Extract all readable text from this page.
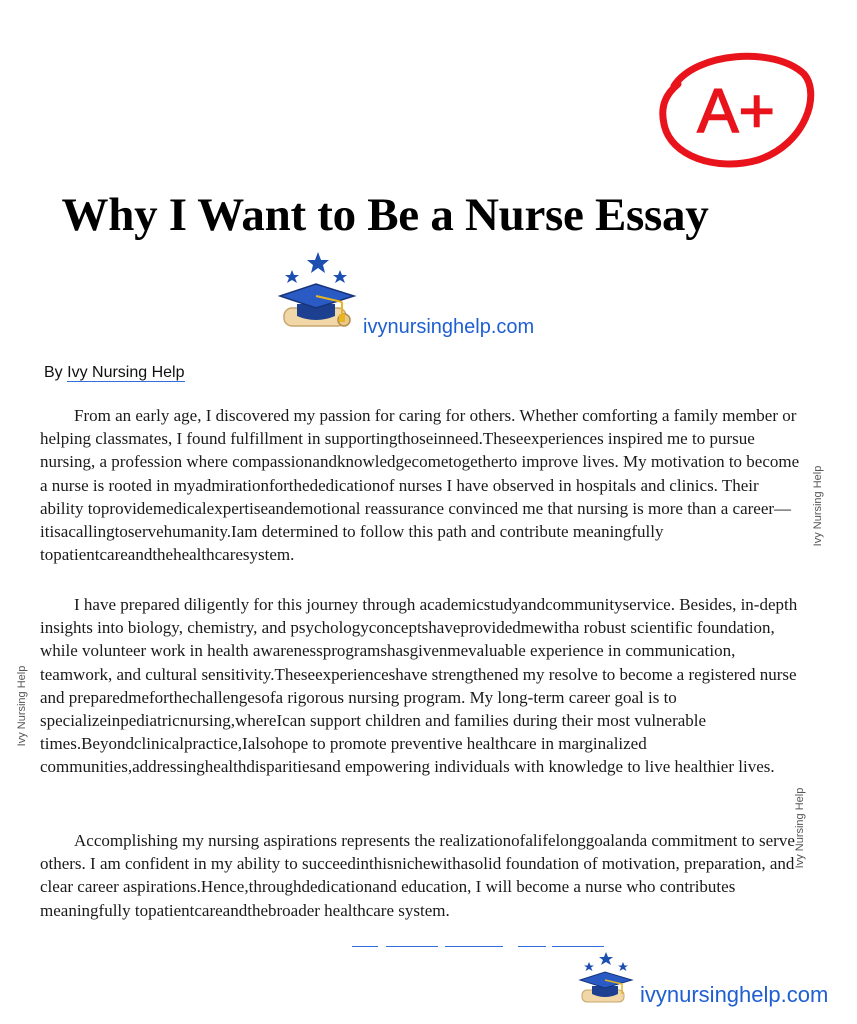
A+
Why I Want to Be a Nurse Essay
ivynursinghelp.com
By Ivy Nursing Help

From an early age, I discovered my passion for caring for others. Whether comforting a family member or helping classmates, I found fulfillment in supportingthoseinneed.Theseexperiences inspired me to pursue nursing, a profession where compassionandknowledgecometogetherto improve lives. My motivation to become a nurse is rooted in myadmirationforthededicationof nurses I have observed in hospitals and clinics. Their ability toprovidemedicalexpertiseandemotional reassurance convinced me that nursing is more than a career—itisacallingtoservehumanity.Iam determined to follow this path and contribute meaningfully topatientcareandthehealthcaresystem.

I have prepared diligently for this journey through academicstudyandcommunityservice. Besides, in-depth insights into biology, chemistry, and psychologyconceptshaveprovidedmewitha robust scientific foundation, while volunteer work in health awarenessprogramshasgivenmevaluable experience in communication, teamwork, and cultural sensitivity.Theseexperienceshave strengthened my resolve to become a registered nurse and preparedmeforthechallengesofa rigorous nursing program. My long-term career goal is to specializeinpediatricnursing,whereIcan support children and families during their most vulnerable times.Beyondclinicalpractice,Ialsohope to promote preventive healthcare in marginalized communities,addressinghealthdisparitiesand empowering individuals with knowledge to live healthier lives.

Accomplishing my nursing aspirations represents the realizationofalifelonggoalanda commitment to serve others. I am confident in my ability to succeedinthisnichewithasolid foundation of motivation, preparation, and clear career aspirations.Hence,throughdedicationand education, I will become a nurse who contributes meaningfully topatientcareandthebroader healthcare system.

Ivy Nursing Help
Ivy Nursing Help
Ivy Nursing Help
ivynursinghelp.com
